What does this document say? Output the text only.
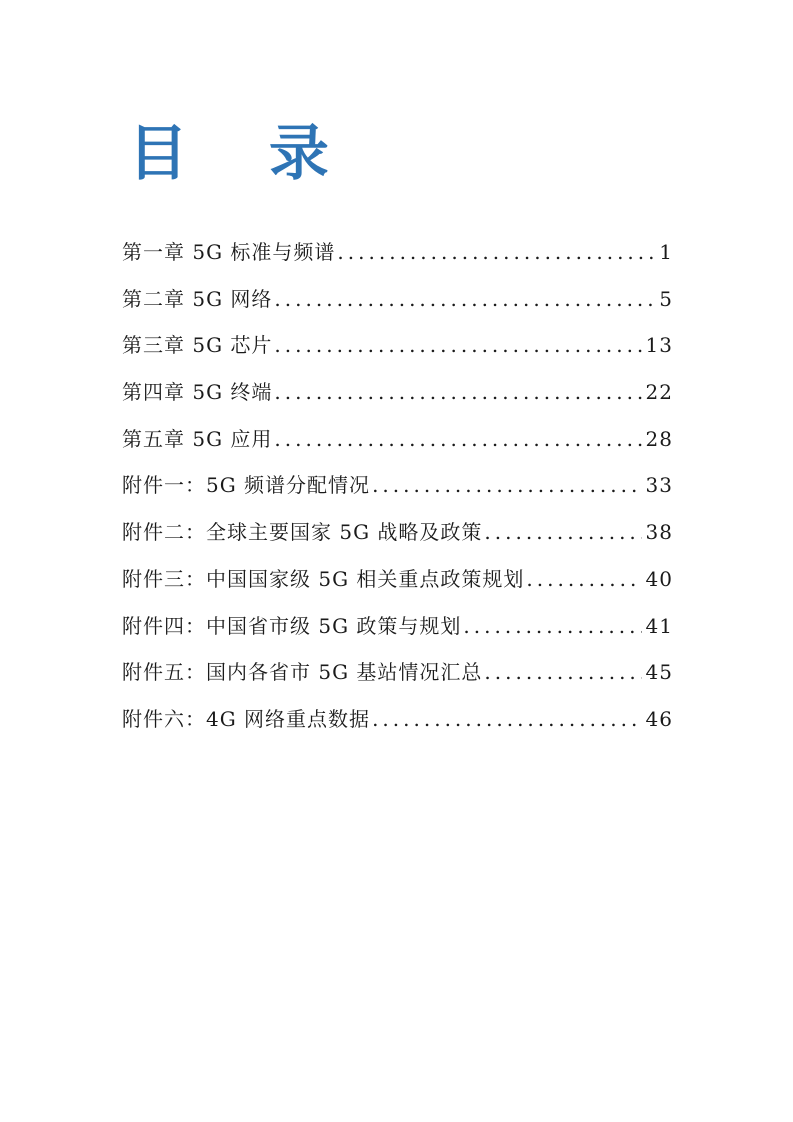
目 录
第一章 5G 标准与频谱 .....	1
第二章 5G 网络 .....	5
第三章 5G 芯片 .....	13
第四章 5G 终端 .....	22
第五章 5G 应用 .....	28
附件一：5G 频谱分配情况 .....	33
附件二：全球主要国家 5G 战略及政策 .....	38
附件三：中国国家级 5G 相关重点政策规划 .....	40
附件四：中国省市级 5G 政策与规划 .....	41
附件五：国内各省市 5G 基站情况汇总 .....	45
附件六：4G 网络重点数据 .....	46
